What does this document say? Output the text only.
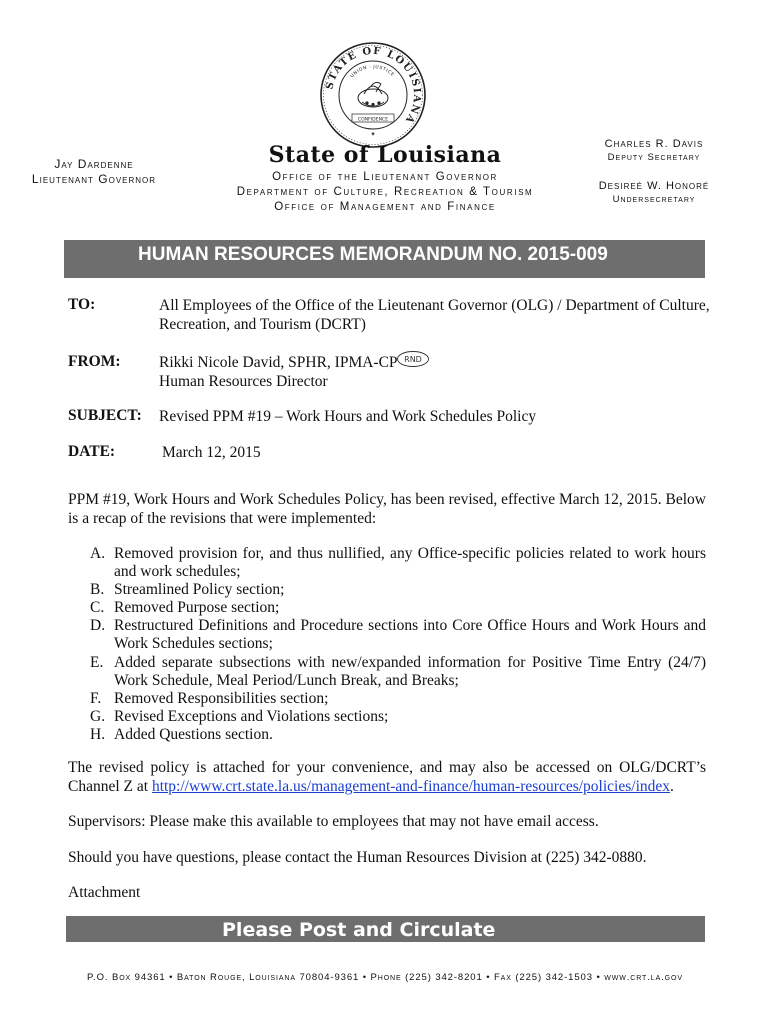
STATE OF LOUISIANA
UNION · JUSTICE
CONFIDENCE
⁕
Jay Dardenne
Lieutenant Governor
State of Louisiana
Office of the Lieutenant Governor
Department of Culture, Recreation & Tourism
Office of Management and Finance
Charles R. Davis
Deputy Secretary
Desireé W. Honoré
Undersecretary
HUMAN RESOURCES MEMORANDUM NO. 2015-009
TO:	All Employees of the Office of the Lieutenant Governor (OLG) / Department of Culture,
Recreation, and Tourism (DCRT)
FROM: Rikki Nicole David, SPHR, IPMA-CP
Human Resources Director
RND
SUBJECT: Revised PPM #19 – Work Hours and Work Schedules Policy
DATE:	March 12, 2015
PPM #19, Work Hours and Work Schedules Policy, has been revised, effective March 12, 2015. Below is a recap of the revisions that were implemented:
A. Removed provision for, and thus nullified, any Office-specific policies related to work hours and work schedules;
B. Streamlined Policy section;
C. Removed Purpose section;
D. Restructured Definitions and Procedure sections into Core Office Hours and Work Hours and Work Schedules sections;
E. Added separate subsections with new/expanded information for Positive Time Entry (24/7) Work Schedule, Meal Period/Lunch Break, and Breaks;
F. Removed Responsibilities section;
G. Revised Exceptions and Violations sections;
H. Added Questions section.
The revised policy is attached for your convenience, and may also be accessed on OLG/DCRT’s Channel Z at http://www.crt.state.la.us/management-and-finance/human-resources/policies/index.
Supervisors: Please make this available to employees that may not have email access.
Should you have questions, please contact the Human Resources Division at (225) 342-0880.
Attachment
Please Post and Circulate
P.O. Box 94361 • Baton Rouge, Louisiana 70804-9361 • Phone (225) 342-8201 • Fax (225) 342-1503 • www.crt.la.gov
